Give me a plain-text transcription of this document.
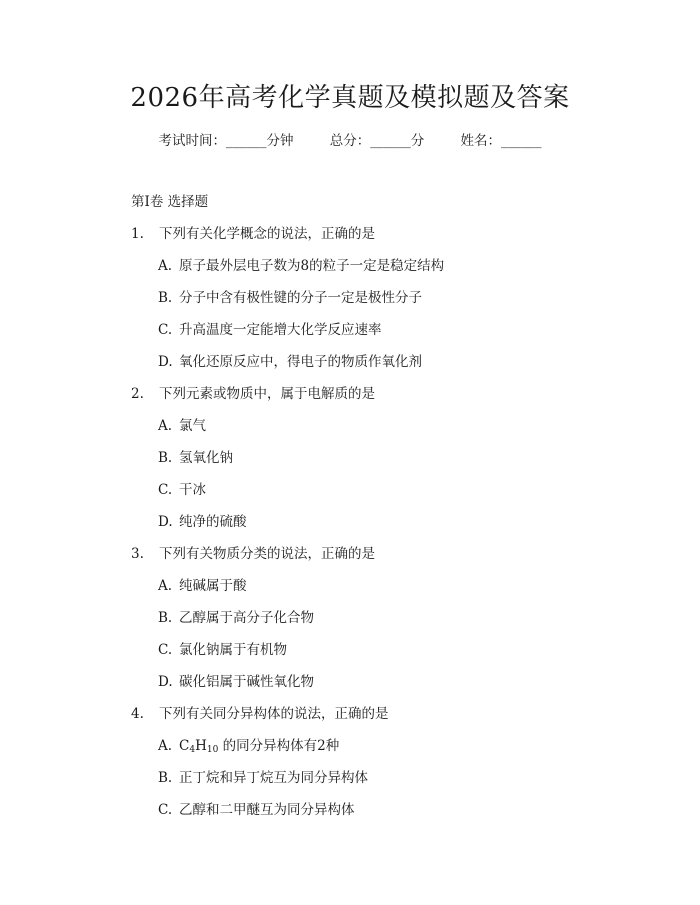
2026年高考化学真题及模拟题及答案
考试时间：______分钟	总分：______分	姓名：______
第Ⅰ卷 选择题
1. 下列有关化学概念的说法，正确的是
A. 原子最外层电子数为8的粒子一定是稳定结构
B. 分子中含有极性键的分子一定是极性分子
C. 升高温度一定能增大化学反应速率
D. 氧化还原反应中，得电子的物质作氧化剂
2. 下列元素或物质中，属于电解质的是
A. 氯气
B. 氢氧化钠
C. 干冰
D. 纯净的硫酸
3. 下列有关物质分类的说法，正确的是
A. 纯碱属于酸
B. 乙醇属于高分子化合物
C. 氯化钠属于有机物
D. 碳化铝属于碱性氧化物
4. 下列有关同分异构体的说法，正确的是
A. $C_4H_{10}$ 的同分异构体有2种
B. 正丁烷和异丁烷互为同分异构体
C. 乙醇和二甲醚互为同分异构体
